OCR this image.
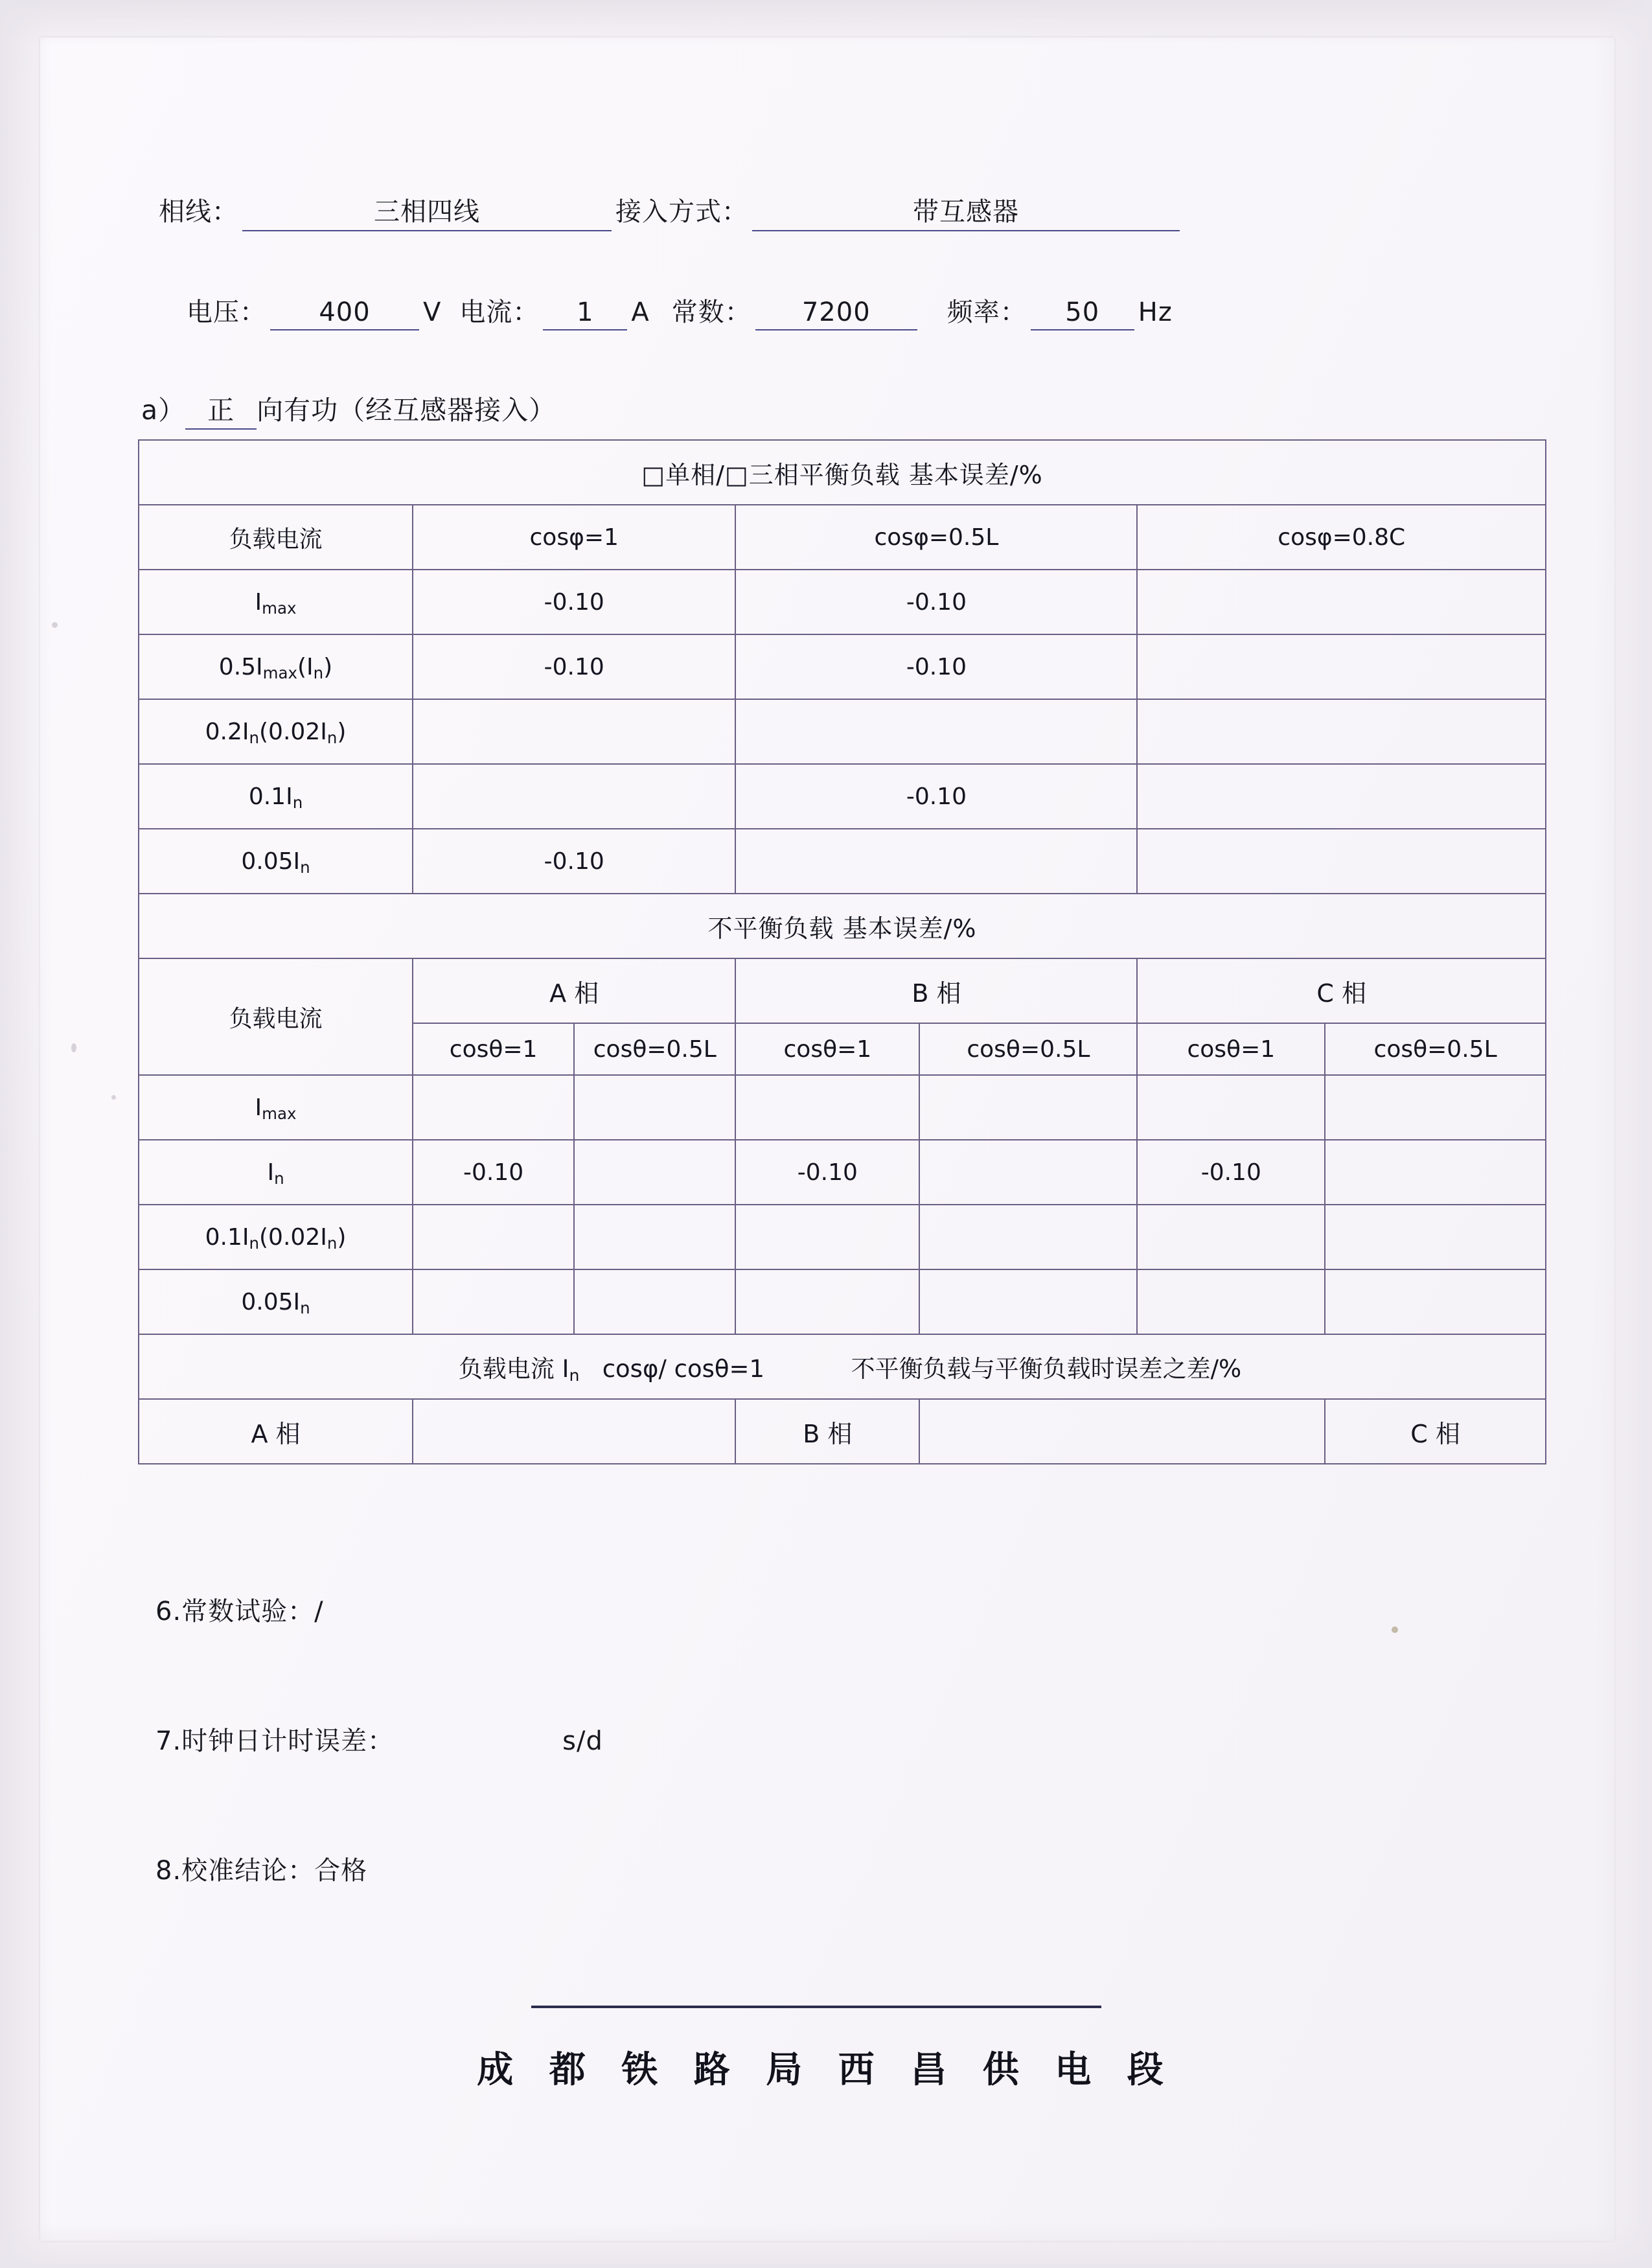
相线：	三相四线	接入方式：	带互感器
电压：	400	V 电流：	1	A 常数：	7200	频率：	50	Hz
a） 正 向有功（经互感器接入）
□单相/□三相平衡负载 基本误差/%						
负载电流	cosφ=1		cosφ=0.5L		cosφ=0.8C	
$I_{max}$	-0.10		-0.10			
$0.5I_{max}(I_n)$	-0.10		-0.10			
$0.2I_n(0.02I_n)$						
$0.1I_n$			-0.10			
$0.05I_n$	-0.10					
不平衡负载 基本误差/%						
负载电流	A 相		B 相		C 相	
	cosθ=1	cosθ=0.5L	cosθ=1	cosθ=0.5L	cosθ=1	cosθ=0.5L
$I_{max}$						
$I_n$	-0.10		-0.10		-0.10	
$0.1I_n(0.02I_n)$						
$0.05I_n$						
负载电流 $I_n$   cosφ/ cosθ=1 不平衡负载与平衡负载时误差之差/%						
A 相			B 相			C 相
6.常数试验：/
7.时钟日计时误差：	s/d
8.校准结论：合格
成 都 铁 路 局 西 昌 供 电 段
